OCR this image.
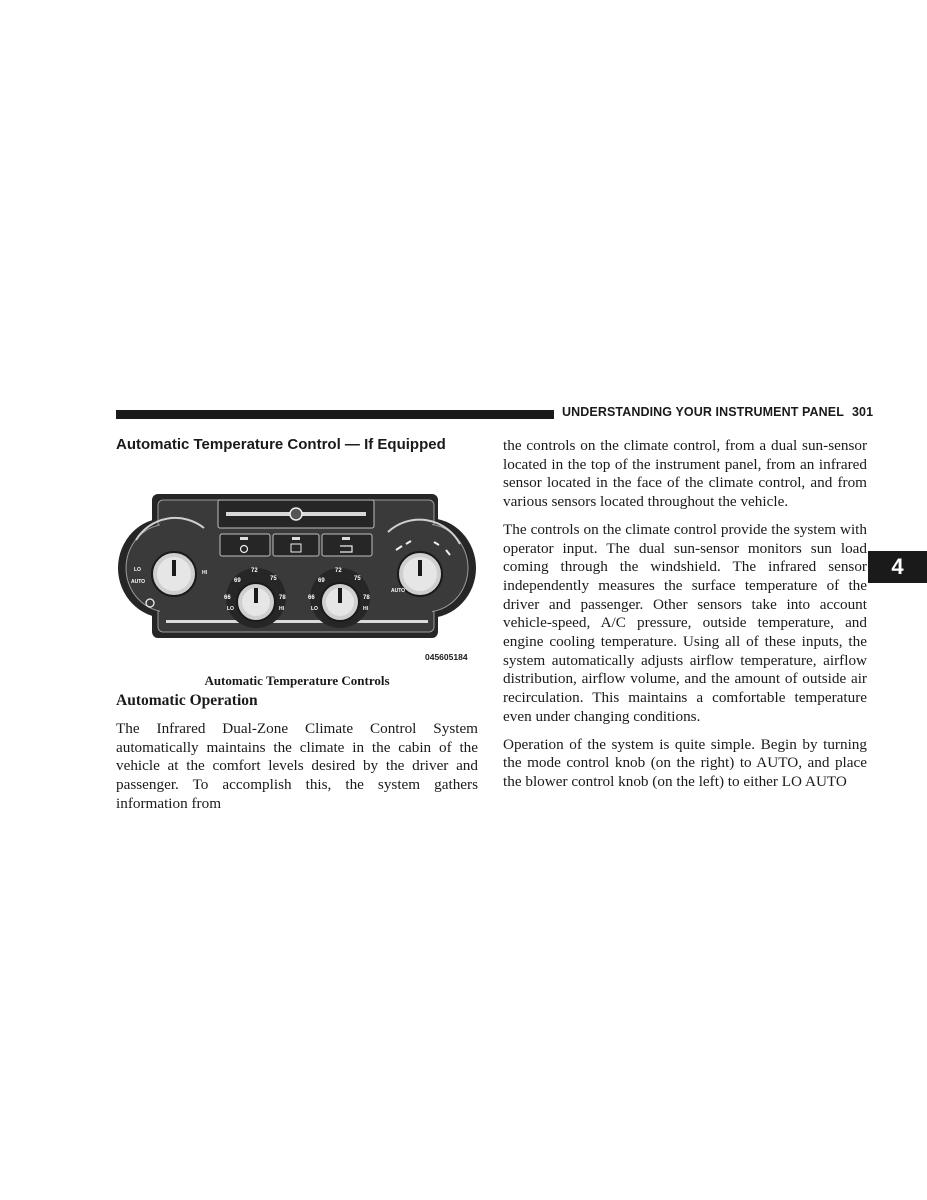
UNDERSTANDING YOUR INSTRUMENT PANEL 301
4
Automatic Temperature Control — If Equipped
LO
AUTO
HI
69
72
75
66	78
LO	HI
69
72
75
66	78
LO	HI
AUTO
045605184
Automatic Temperature Controls
Automatic Operation

The Infrared Dual-Zone Climate Control System automatically maintains the climate in the cabin of the vehicle at the comfort levels desired by the driver and passenger. To accomplish this, the system gathers information from

the controls on the climate control, from a dual sun-sensor located in the top of the instrument panel, from an infrared sensor located in the face of the climate control, and from various sensors located throughout the vehicle.

The controls on the climate control provide the system with operator input. The dual sun-sensor monitors sun load coming through the windshield. The infrared sensor independently measures the surface temperature of the driver and passenger. Other sensors take into account vehicle-speed, A/C pressure, outside temperature, and engine cooling temperature. Using all of these inputs, the system automatically adjusts airflow temperature, airflow distribution, airflow volume, and the amount of outside air recirculation. This maintains a comfortable temperature even under changing conditions.

Operation of the system is quite simple. Begin by turning the mode control knob (on the right) to AUTO, and place the blower control knob (on the left) to either LO AUTO
